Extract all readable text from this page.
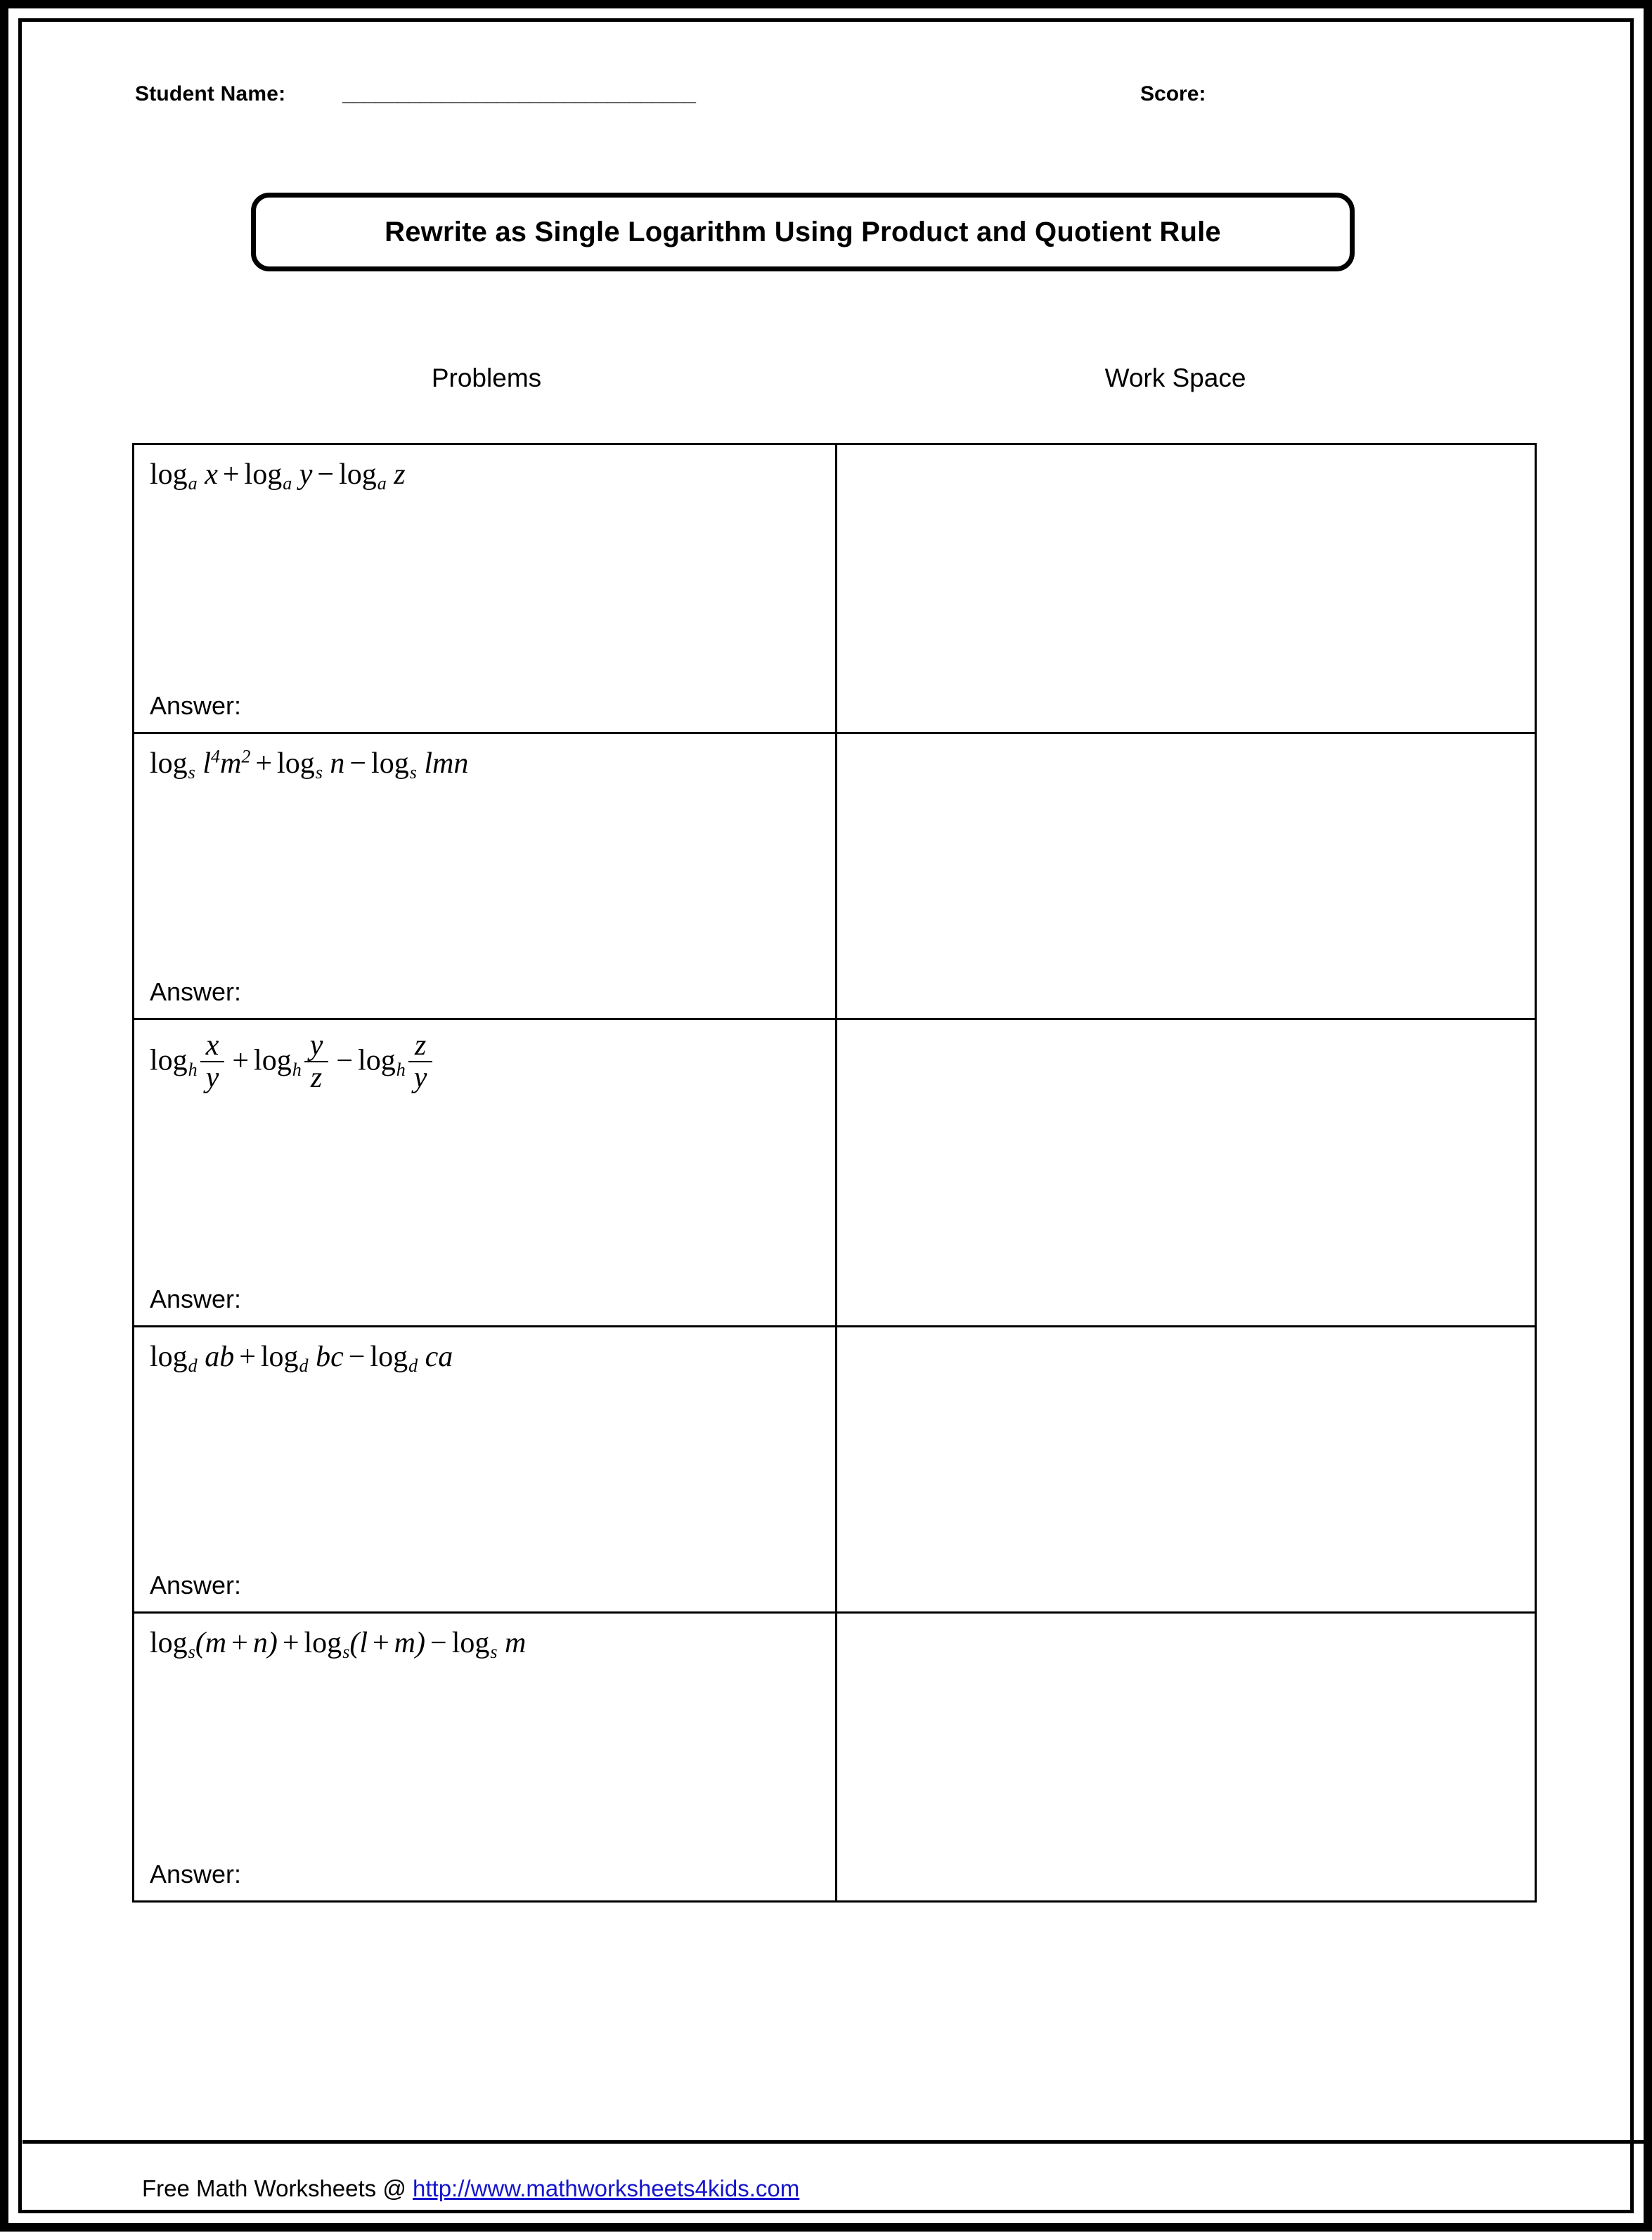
Student Name:	________________________________	Score:
Rewrite as Single Logarithm Using Product and Quotient Rule
Problems	Work Space
$\log_a x + \log_a y - \log_a z$
Answer:
$\log_s l^4m^2 + \log_s n - \log_s$ lmn
Answer:
$\log_h \frac{x}{y} + \log_h \frac{y}{z} - \log_h \frac{z}{y}$
Answer:
$\log_d$ ab + $\log_d$ bc − $\log_d$ ca
Answer:
$\log_s(m + n) + \log_s(l + m) - \log_s m$
Answer:
Free Math Worksheets @ http://www.mathworksheets4kids.com
